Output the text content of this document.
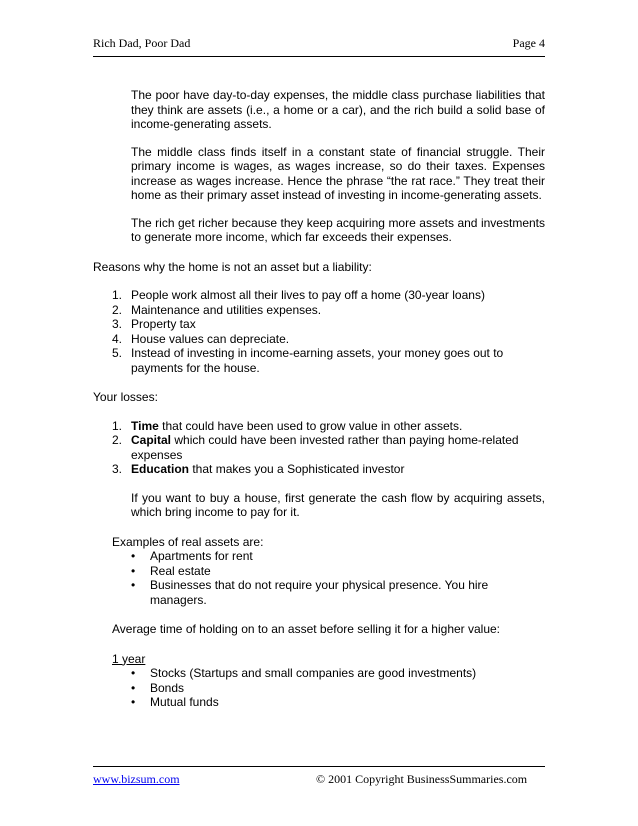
Rich Dad, Poor Dad	Page 4

The poor have day-to-day expenses, the middle class purchase liabilities that they think are assets (i.e., a home or a car), and the rich build a solid base of income-generating assets.

The middle class finds itself in a constant state of financial struggle. Their primary income is wages, as wages increase, so do their taxes. Expenses increase as wages increase. Hence the phrase “the rat race.” They treat their home as their primary asset instead of investing in income-generating assets.

The rich get richer because they keep acquiring more assets and investments to generate more income, which far exceeds their expenses.

Reasons why the home is not an asset but a liability:

1. People work almost all their lives to pay off a home (30-year loans)
2. Maintenance and utilities expenses.
3. Property tax
4. House values can depreciate.
5. Instead of investing in income-earning assets, your money goes out to payments for the house.

Your losses:

1. Time that could have been used to grow value in other assets.
2. Capital which could have been invested rather than paying home-related expenses
3. Education that makes you a Sophisticated investor

If you want to buy a house, first generate the cash flow by acquiring assets, which bring income to pay for it.

Examples of real assets are:

• Apartments for rent
• Real estate
• Businesses that do not require your physical presence. You hire managers.

Average time of holding on to an asset before selling it for a higher value:

1 year

• Stocks (Startups and small companies are good investments)
• Bonds
• Mutual funds
www.bizsum.com	© 2001 Copyright BusinessSummaries.com
